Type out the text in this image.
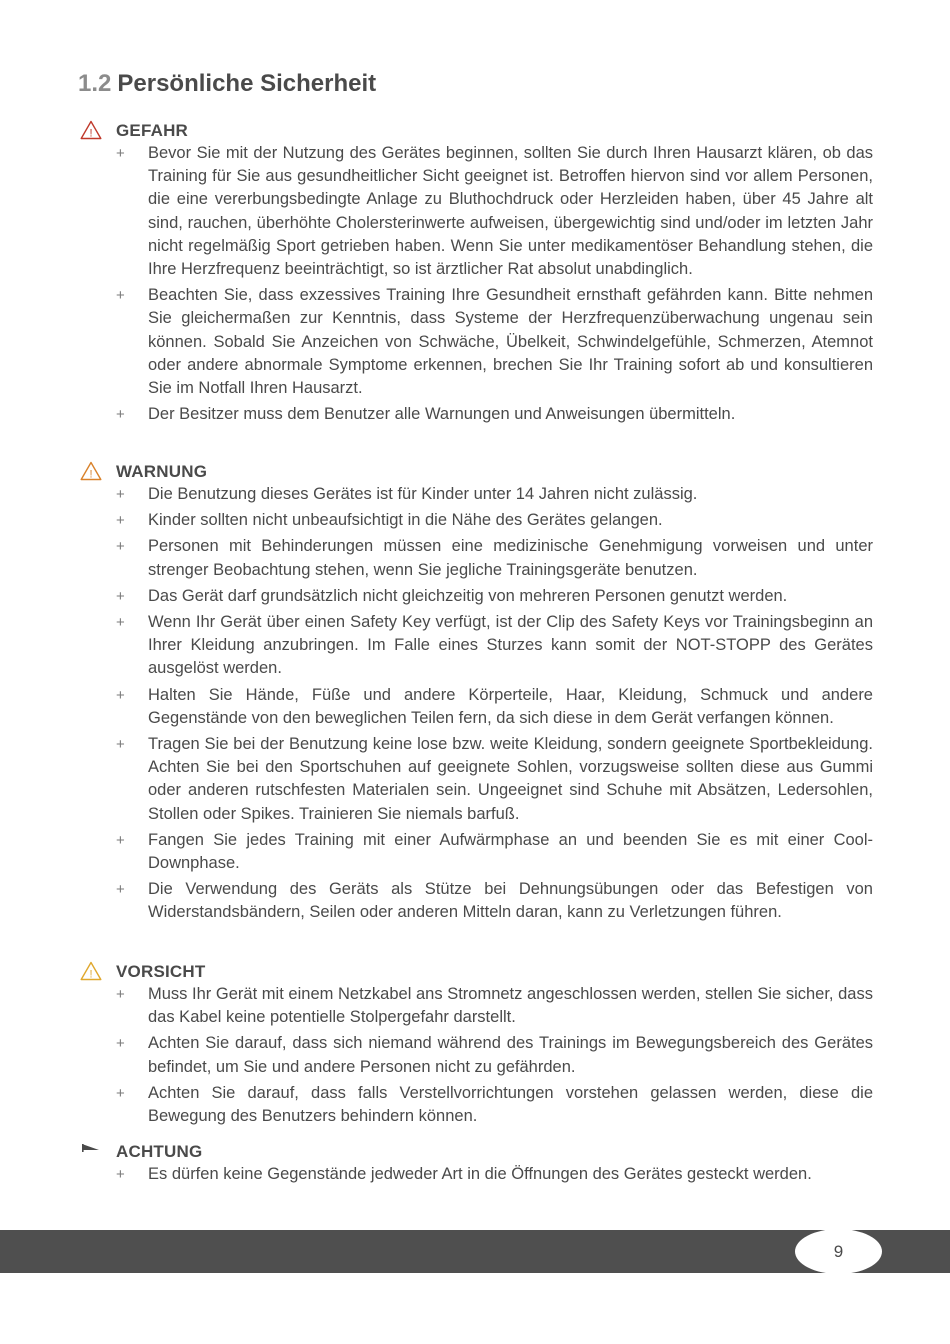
1.2 Persönliche Sicherheit
! GEFAHR
+ Bevor Sie mit der Nutzung des Gerätes beginnen, sollten Sie durch Ihren Hausarzt klären, ob das Training für Sie aus gesundheitlicher Sicht geeignet ist. Betroffen hiervon sind vor allem Personen, die eine vererbungsbedingte Anlage zu Bluthochdruck oder Herzleiden haben, über 45 Jahre alt sind, rauchen, überhöhte Cholersterinwerte aufweisen, übergewichtig sind und/oder im letzten Jahr nicht regelmäßig Sport getrieben haben. Wenn Sie unter medikamentöser Behandlung stehen, die Ihre Herzfrequenz beeinträchtigt, so ist ärztlicher Rat absolut unabdinglich.
+ Beachten Sie, dass exzessives Training Ihre Gesundheit ernsthaft gefährden kann. Bitte nehmen Sie gleichermaßen zur Kenntnis, dass Systeme der Herzfrequenzüberwachung ungenau sein können. Sobald Sie Anzeichen von Schwäche, Übelkeit, Schwindelgefühle, Schmerzen, Atemnot oder andere abnormale Symptome erkennen, brechen Sie Ihr Training sofort ab und konsultieren Sie im Notfall Ihren Hausarzt.
+ Der Besitzer muss dem Benutzer alle Warnungen und Anweisungen übermitteln.
! WARNUNG
+ Die Benutzung dieses Gerätes ist für Kinder unter 14 Jahren nicht zulässig.
+ Kinder sollten nicht unbeaufsichtigt in die Nähe des Gerätes gelangen.
+ Personen mit Behinderungen müssen eine medizinische Genehmigung vorweisen und unter strenger Beobachtung stehen, wenn Sie jegliche Trainingsgeräte benutzen.
+ Das Gerät darf grundsätzlich nicht gleichzeitig von mehreren Personen genutzt werden.
+ Wenn Ihr Gerät über einen Safety Key verfügt, ist der Clip des Safety Keys vor Trainingsbeginn an Ihrer Kleidung anzubringen. Im Falle eines Sturzes kann somit der NOT-STOPP des Gerätes ausgelöst werden.
+ Halten Sie Hände, Füße und andere Körperteile, Haar, Kleidung, Schmuck und andere Gegenstände von den beweglichen Teilen fern, da sich diese in dem Gerät verfangen können.
+ Tragen Sie bei der Benutzung keine lose bzw. weite Kleidung, sondern geeignete Sportbekleidung. Achten Sie bei den Sportschuhen auf geeignete Sohlen, vorzugsweise sollten diese aus Gummi oder anderen rutschfesten Materialen sein. Ungeeignet sind Schuhe mit Absätzen, Ledersohlen, Stollen oder Spikes. Trainieren Sie niemals barfuß.
+ Fangen Sie jedes Training mit einer Aufwärmphase an und beenden Sie es mit einer Cool-Downphase.
+ Die Verwendung des Geräts als Stütze bei Dehnungsübungen oder das Befestigen von Widerstandsbändern, Seilen oder anderen Mitteln daran, kann zu Verletzungen führen.
! VORSICHT
+ Muss Ihr Gerät mit einem Netzkabel ans Stromnetz angeschlossen werden, stellen Sie sicher, dass das Kabel keine potentielle Stolpergefahr darstellt.
+ Achten Sie darauf, dass sich niemand während des Trainings im Bewegungsbereich des Gerätes befindet, um Sie und andere Personen nicht zu gefährden.
+ Achten Sie darauf, dass falls Verstellvorrichtungen vorstehen gelassen werden, diese die Bewegung des Benutzers behindern können.
ACHTUNG
+ Es dürfen keine Gegenstände jedweder Art in die Öffnungen des Gerätes gesteckt werden.
9
